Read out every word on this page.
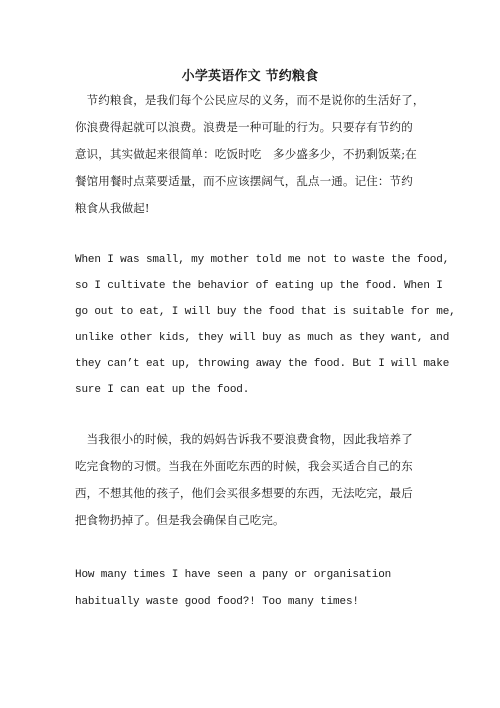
小学英语作文 节约粮食
　节约粮食，是我们每个公民应尽的义务，而不是说你的生活好了，
你浪费得起就可以浪费。浪费是一种可耻的行为。只要存有节约的
意识，其实做起来很简单：吃饭时吃　多少盛多少，不扔剩饭菜;在
餐馆用餐时点菜要适量，而不应该摆阔气，乱点一通。记住：节约
粮食从我做起!
When I was small, my mother told me not to waste the food,
so I cultivate the behavior of eating up the food. When I
go out to eat, I will buy the food that is suitable for me,
unlike other kids, they will buy as much as they want, and
they can’t eat up, throwing away the food. But I will make
sure I can eat up the food.
　当我很小的时候，我的妈妈告诉我不要浪费食物，因此我培养了
吃完食物的习惯。当我在外面吃东西的时候，我会买适合自己的东
西，不想其他的孩子，他们会买很多想要的东西，无法吃完，最后
把食物扔掉了。但是我会确保自己吃完。
How many times I have seen a pany or organisation
habitually waste good food?! Too many times!
